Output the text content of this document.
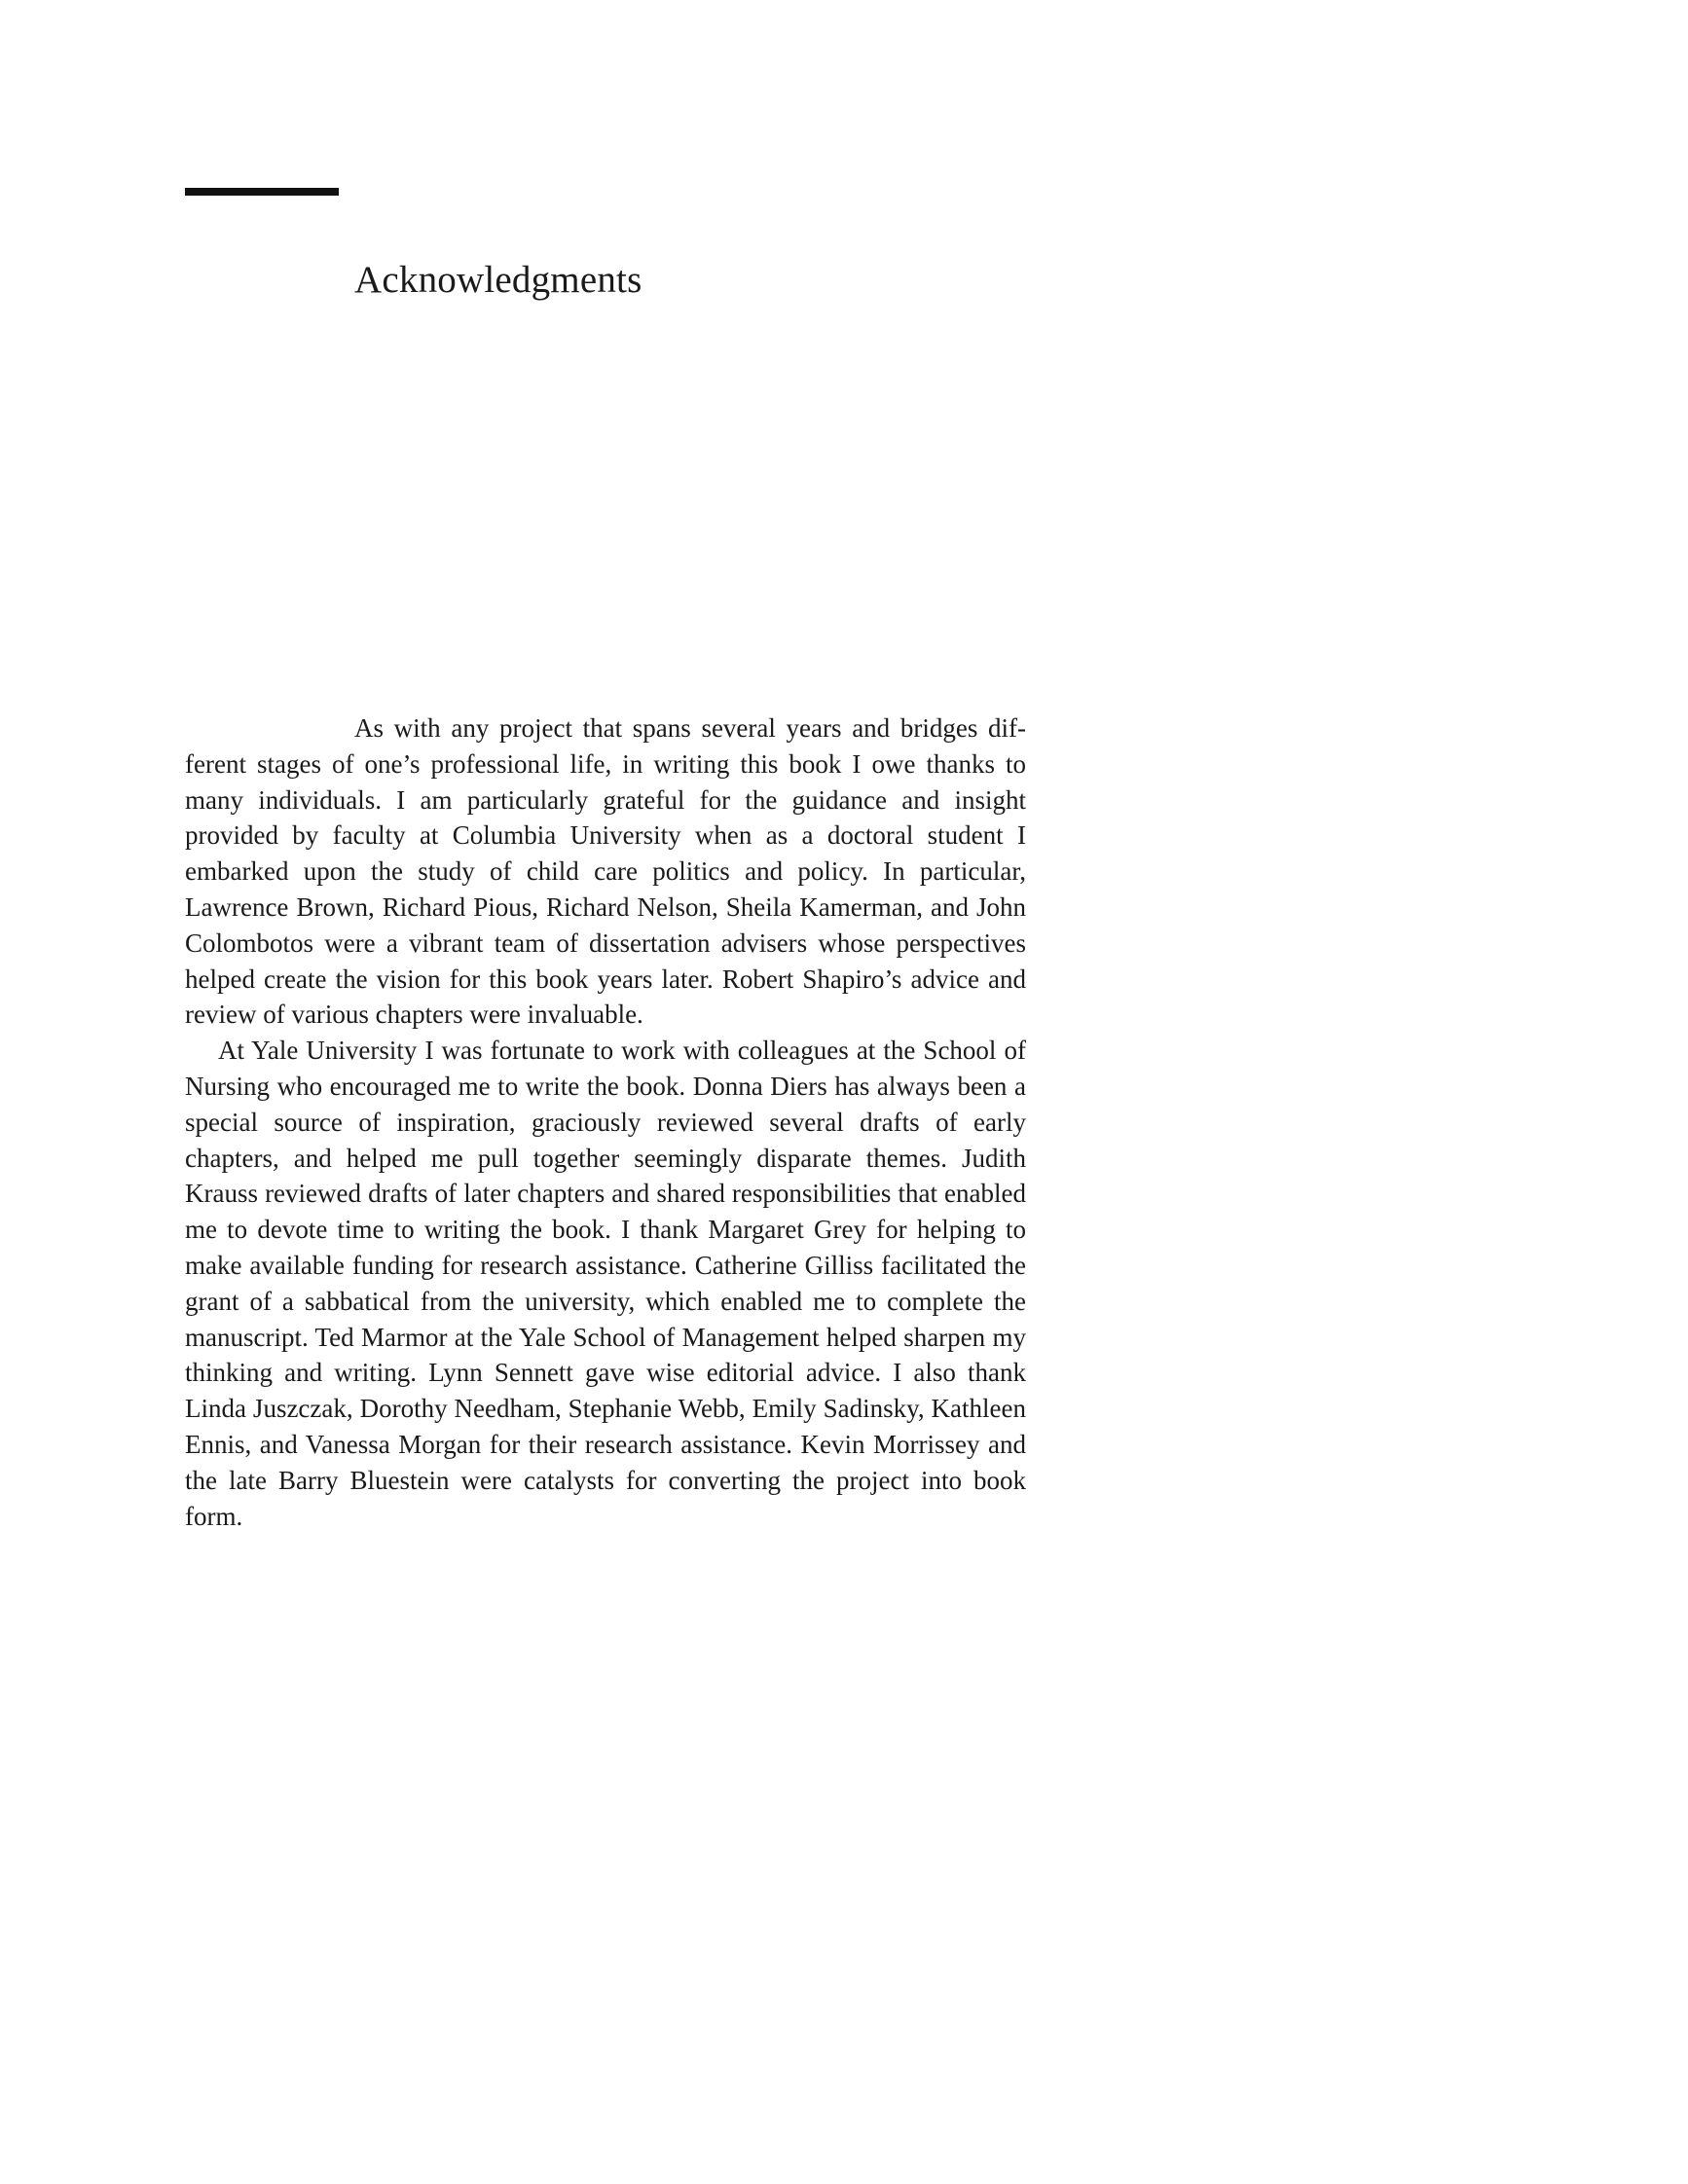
Acknowledgments

As with any project that spans several years and bridges different stages of one’s professional life, in writing this book I owe thanks to many individuals. I am particularly grateful for the guidance and insight provided by faculty at Columbia University when as a doctoral student I embarked upon the study of child care politics and policy. In particular, Lawrence Brown, Richard Pious, Richard Nelson, Sheila Kamerman, and John Colombotos were a vibrant team of dissertation advisers whose perspectives helped create the vision for this book years later. Robert Shapiro’s advice and review of various chapters were invaluable.

At Yale University I was fortunate to work with colleagues at the School of Nursing who encouraged me to write the book. Donna Diers has always been a special source of inspiration, graciously reviewed several drafts of early chapters, and helped me pull together seemingly disparate themes. Judith Krauss reviewed drafts of later chapters and shared responsibilities that enabled me to devote time to writing the book. I thank Margaret Grey for helping to make available funding for research assistance. Catherine Gilliss facilitated the grant of a sabbatical from the university, which enabled me to complete the manuscript. Ted Marmor at the Yale School of Management helped sharpen my thinking and writing. Lynn Sennett gave wise editorial advice. I also thank Linda Juszczak, Dorothy Needham, Stephanie Webb, Emily Sadinsky, Kathleen Ennis, and Vanessa Morgan for their research assistance. Kevin Morrissey and the late Barry Bluestein were catalysts for converting the project into book form.
